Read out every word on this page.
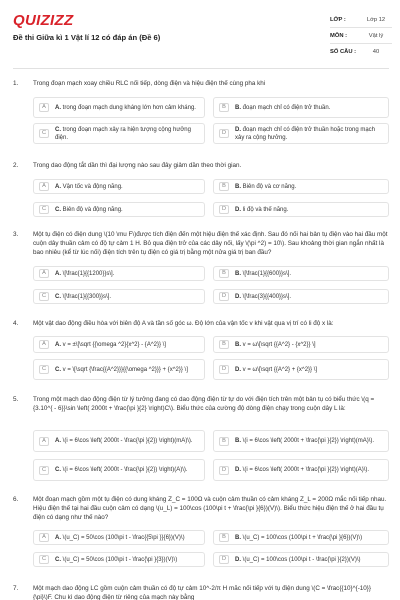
QUIZIZZ
Đề thi Giữa kì 1 Vật lí 12 có đáp án (Đề 6)
LỚP :	Lớp 12
MÔN :	Vật lý
SỐ CÂU :	40
1. Trong đoạn mạch xoay chiều RLC nối tiếp, dòng điện và hiệu điện thế cùng pha khi
A	A. trong đoạn mạch dung kháng lớn hơn cảm kháng.	B	B. đoạn mạch chỉ có điện trở thuần.
C
C. trong đoạn mạch xảy ra hiện tượng cộng hưởng điện.
D
D. đoạn mạch chỉ có điện trở thuần hoặc trong mạch xảy ra cộng hưởng.
2. Trong dao động tắt dần thì đại lượng nào sau đây giảm dần theo thời gian.
A	A. Vận tốc và động năng.	B	B. Biên độ và cơ năng.
C	C. Biên độ và động năng.	D	D. li độ và thế năng.
3. Một tụ điện có điện dung \(10 \mu F\)được tích điện đến một hiệu điện thế xác định. Sau đó nối hai bản tụ điện vào hai đầu một cuộn dây thuần cảm có độ tự cảm 1 H. Bỏ qua điện trở của các dây nối, lấy \(\pi ^2) = 10\). Sau khoảng thời gian ngắn nhất là bao nhiêu (kể từ lúc nối) điện tích trên tụ điện có giá trị bằng một nửa giá trị ban đầu?
A	A. \[\frac{1}{{1200}}s\].	B	B. \[\frac{1}{{600}}s\].
C	C. \[\frac{1}{{300}}s\].	D	D. \[\frac{3}{{400}}s\].
4. Một vật dao động điều hòa với biên độ A và tần số góc ω. Độ lớn của vận tốc v khi vật qua vị trí có li độ x là:
A	A. v = ±\[\sqrt {{\omega ^2}{x^2} - {A^2}} \]	B	B. v = ω\[\sqrt {{A^2} - {x^2}} \]
C	C. v = \[\sqrt {\frac{{A^2}}}{{\omega ^2}}} + {x^2}} \]	D	D. v = ω\[\sqrt {{A^2} + {x^2}} \]
5. Trong một mạch dao động điện từ lý tưởng đang có dao động điện từ tự do với điện tích trên một bản tụ có biểu thức \(q = {3.10^{ - 6}}\sin \left( 2000t + \frac{\pi }{2} \right)C\). Biểu thức của cường độ dòng điện chạy trong cuộn dây L là:
A	A. \(i = 6\cos \left( 2000t - \frac{\pi }{2}) \right)(mA)\).	B	B. \(i = 6\cos \left( 2000t + \frac{\pi }{2}) \right)(mA)\).
C	C. \(i = 6\cos \left( 2000t - \frac{\pi }{2}) \right)(A)\).	D	D. \(i = 6\cos \left( 2000t + \frac{\pi }{2}) \right)(A)\).
6. Một đoạn mạch gồm một tụ điện có dung kháng Z_C = 100Ω và cuộn cảm thuần có cảm kháng Z_L = 200Ω mắc nối tiếp nhau. Hiệu điện thế tại hai đầu cuộn cảm có dạng \(u_L) = 100\cos (100\pi t + \frac{\pi }{6})(V)\). Biểu thức hiệu điện thế ở hai đầu tụ điện có dạng như thế nào?
A	A. \(u_C) = 50\cos (100\pi t - \frac{{5\pi }}{6})(V)\)	B	B. \(u_C) = 100\cos (100\pi t + \frac{\pi }{6})(V)\)
C	C. \(u_C) = 50\cos (100\pi t - \frac{\pi }{3})(V)\)	D	D. \(u_C) = 100\cos (100\pi t - \frac{\pi }{2})(V)\)
7. Một mạch dao động LC gồm cuộn cảm thuần có độ tự cảm 10^-2/π H mắc nối tiếp với tụ điện dung \(C = \frac{{10}^{-10}}{\pi}\)F. Chu kì dao động điện từ riêng của mạch này bằng
